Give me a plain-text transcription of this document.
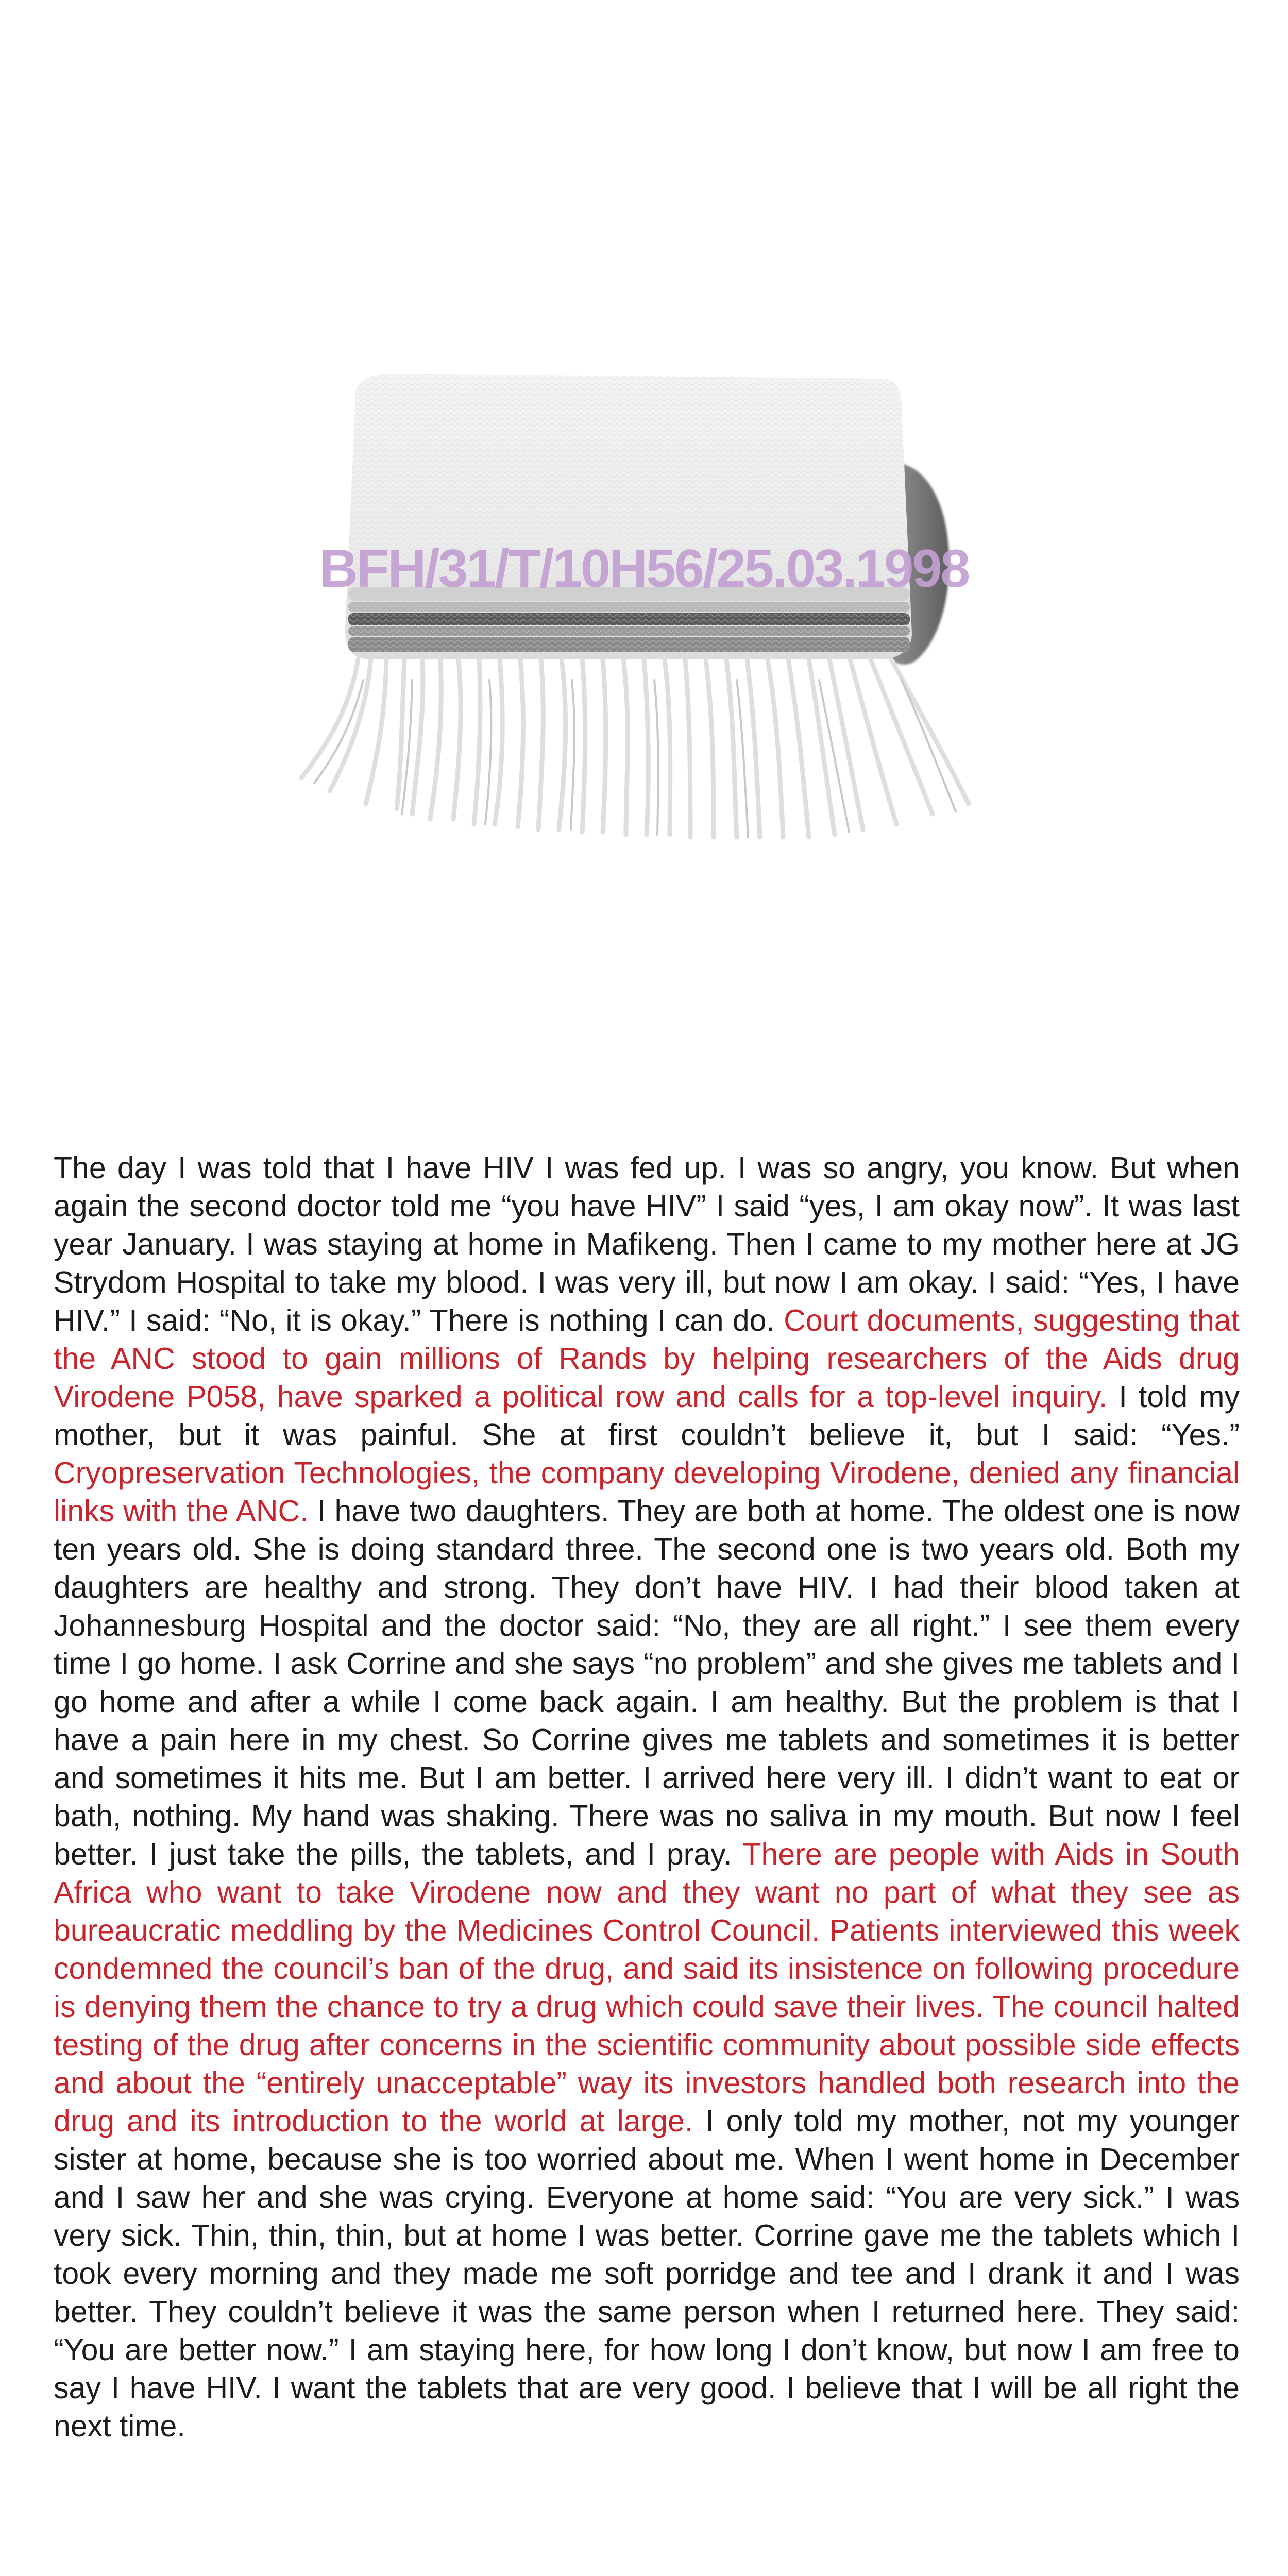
BFH/31/T/10H56/25.03.1998

The day I was told that I have HIV I was fed up. I was so angry, you know. But when again the second doctor told me “you have HIV” I said “yes, I am okay now”. It was last year January. I was staying at home in Mafikeng. Then I came to my mother here at JG Strydom Hospital to take my blood. I was very ill, but now I am okay. I said: “Yes, I have HIV.” I said: “No, it is okay.” There is nothing I can do. Court documents, suggesting that the ANC stood to gain millions of Rands by helping researchers of the Aids drug Virodene P058, have sparked a political row and calls for a top-level inquiry. I told my mother, but it was painful. She at first couldn’t believe it, but I said: “Yes.” Cryopreservation Technologies, the company developing Virodene, denied any financial links with the ANC. I have two daughters. They are both at home. The oldest one is now ten years old. She is doing standard three. The second one is two years old. Both my daughters are healthy and strong. They don’t have HIV. I had their blood taken at Johannesburg Hospital and the doctor said: “No, they are all right.” I see them every time I go home. I ask Corrine and she says “no problem” and she gives me tablets and I go home and after a while I come back again. I am healthy. But the problem is that I have a pain here in my chest. So Corrine gives me tablets and sometimes it is better and sometimes it hits me. But I am better. I arrived here very ill. I didn’t want to eat or bath, nothing. My hand was shaking. There was no saliva in my mouth. But now I feel better. I just take the pills, the tablets, and I pray. There are people with Aids in South Africa who want to take Virodene now and they want no part of what they see as bureaucratic meddling by the Medicines Control Council. Patients interviewed this week condemned the council’s ban of the drug, and said its insistence on following procedure is denying them the chance to try a drug which could save their lives. The council halted testing of the drug after concerns in the scientific community about possible side effects and about the “entirely unacceptable” way its investors handled both research into the drug and its introduction to the world at large. I only told my mother, not my younger sister at home, because she is too worried about me. When I went home in December and I saw her and she was crying. Everyone at home said: “You are very sick.” I was very sick. Thin, thin, thin, but at home I was better. Corrine gave me the tablets which I took every morning and they made me soft porridge and tee and I drank it and I was better. They couldn’t believe it was the same person when I returned here. They said: “You are better now.” I am staying here, for how long I don’t know, but now I am free to say I have HIV. I want the tablets that are very good. I believe that I will be all right the next time.
